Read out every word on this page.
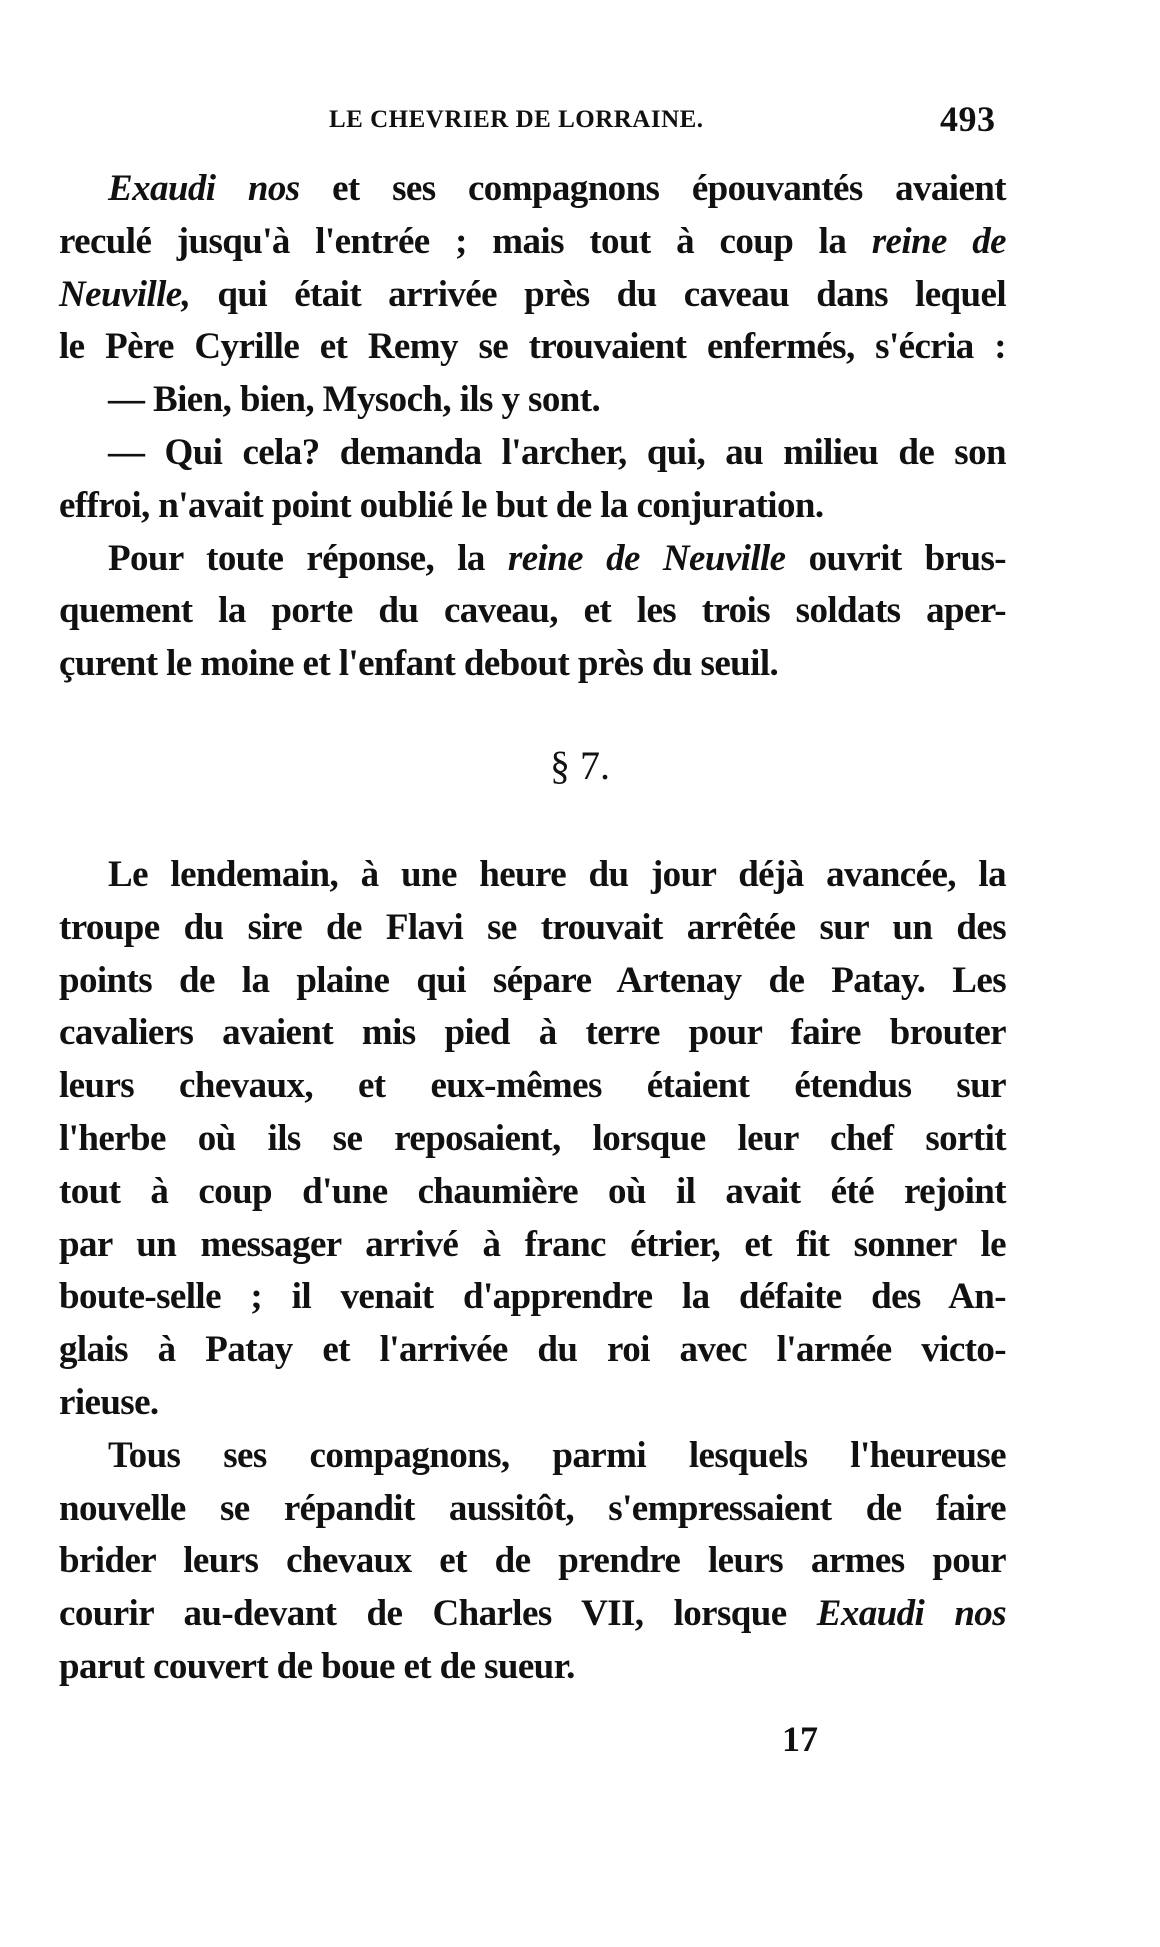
LE CHEVRIER DE LORRAINE.	493
Exaudi nos et ses compagnons épouvantés avaient
reculé jusqu'à l'entrée ; mais tout à coup la reine de
Neuville, qui était arrivée près du caveau dans lequel
le Père Cyrille et Remy se trouvaient enfermés, s'écria :
— Bien, bien, Mysoch, ils y sont.
— Qui cela? demanda l'archer, qui, au milieu de son
effroi, n'avait point oublié le but de la conjuration.
Pour toute réponse, la reine de Neuville ouvrit brus-
quement la porte du caveau, et les trois soldats aper-
çurent le moine et l'enfant debout près du seuil.
Le lendemain, à une heure du jour déjà avancée, la
troupe du sire de Flavi se trouvait arrêtée sur un des
points de la plaine qui sépare Artenay de Patay. Les
cavaliers avaient mis pied à terre pour faire brouter
leurs chevaux, et eux-mêmes étaient étendus sur
l'herbe où ils se reposaient, lorsque leur chef sortit
tout à coup d'une chaumière où il avait été rejoint
par un messager arrivé à franc étrier, et fit sonner le
boute-selle ; il venait d'apprendre la défaite des An-
glais à Patay et l'arrivée du roi avec l'armée victo-
rieuse.
Tous ses compagnons, parmi lesquels l'heureuse
nouvelle se répandit aussitôt, s'empressaient de faire
brider leurs chevaux et de prendre leurs armes pour
courir au-devant de Charles VII, lorsque Exaudi nos
parut couvert de boue et de sueur.
§ 7.
17
